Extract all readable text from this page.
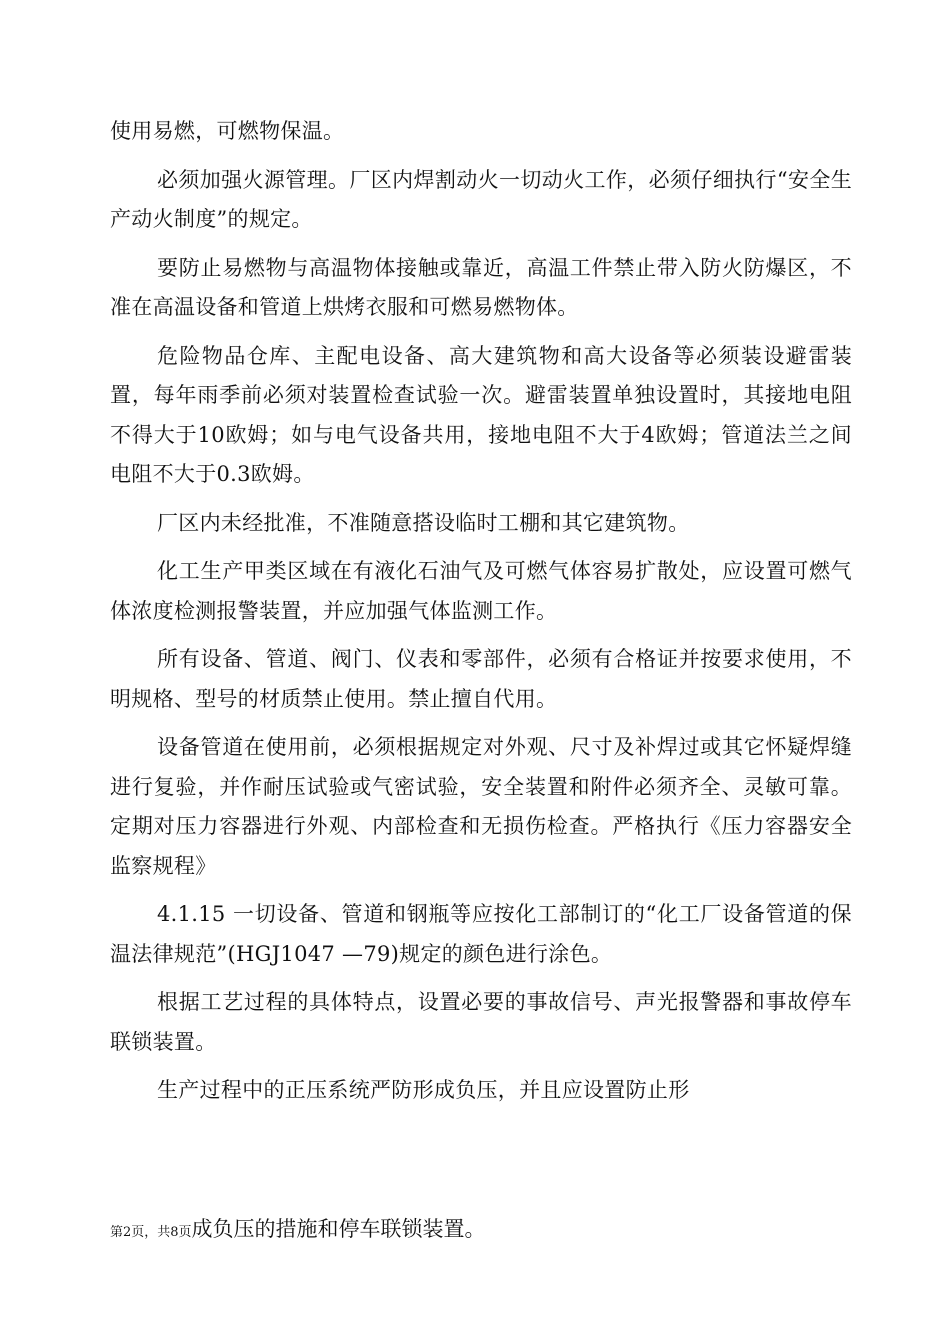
使用易燃，可燃物保温。

必须加强火源管理。厂区内焊割动火一切动火工作，必须仔细执行“安全生产动火制度”的规定。

要防止易燃物与高温物体接触或靠近，高温工件禁止带入防火防爆区，不准在高温设备和管道上烘烤衣服和可燃易燃物体。

危险物品仓库、主配电设备、高大建筑物和高大设备等必须装设避雷装置，每年雨季前必须对装置检查试验一次。避雷装置单独设置时，其接地电阻不得大于10欧姆；如与电气设备共用，接地电阻不大于4欧姆；管道法兰之间电阻不大于0.3欧姆。

厂区内未经批准，不准随意搭设临时工棚和其它建筑物。

化工生产甲类区域在有液化石油气及可燃气体容易扩散处，应设置可燃气体浓度检测报警装置，并应加强气体监测工作。

所有设备、管道、阀门、仪表和零部件，必须有合格证并按要求使用，不明规格、型号的材质禁止使用。禁止擅自代用。

设备管道在使用前，必须根据规定对外观、尺寸及补焊过或其它怀疑焊缝进行复验，并作耐压试验或气密试验，安全装置和附件必须齐全、灵敏可靠。定期对压力容器进行外观、内部检查和无损伤检查。严格执行《压力容器安全监察规程》

4.1.15 一切设备、管道和钢瓶等应按化工部制订的“化工厂设备管道的保温法律规范”(HGJ1047 —79)规定的颜色进行涂色。

根据工艺过程的具体特点，设置必要的事故信号、声光报警器和事故停车联锁装置。

生产过程中的正压系统严防形成负压，并且应设置防止形

第2页，共8页成负压的措施和停车联锁装置。
